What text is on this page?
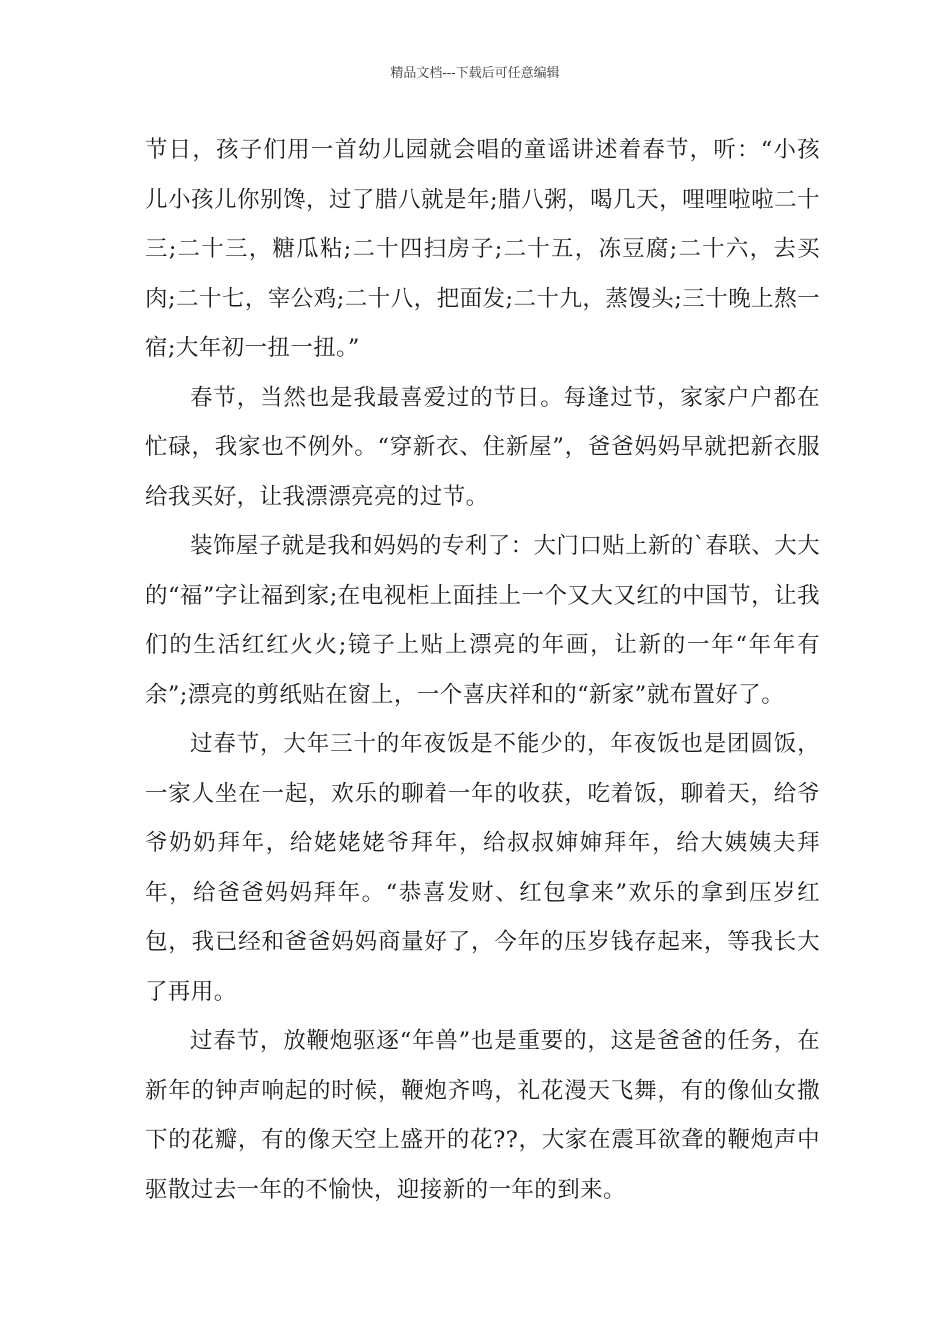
精品文档---下载后可任意编辑

节日，孩子们用一首幼儿园就会唱的童谣讲述着春节，听：“小孩儿小孩儿你别馋，过了腊八就是年;腊八粥，喝几天，哩哩啦啦二十三;二十三，糖瓜粘;二十四扫房子;二十五，冻豆腐;二十六，去买肉;二十七，宰公鸡;二十八，把面发;二十九，蒸馒头;三十晚上熬一宿;大年初一扭一扭。”

春节，当然也是我最喜爱过的节日。每逢过节，家家户户都在忙碌，我家也不例外。“穿新衣、住新屋”，爸爸妈妈早就把新衣服给我买好，让我漂漂亮亮的过节。

装饰屋子就是我和妈妈的专利了：大门口贴上新的`春联、大大的“福”字让福到家;在电视柜上面挂上一个又大又红的中国节，让我们的生活红红火火;镜子上贴上漂亮的年画，让新的一年“年年有余”;漂亮的剪纸贴在窗上，一个喜庆祥和的“新家”就布置好了。

过春节，大年三十的年夜饭是不能少的，年夜饭也是团圆饭，一家人坐在一起，欢乐的聊着一年的收获，吃着饭，聊着天，给爷爷奶奶拜年，给姥姥姥爷拜年，给叔叔婶婶拜年，给大姨姨夫拜年，给爸爸妈妈拜年。“恭喜发财、红包拿来”欢乐的拿到压岁红包，我已经和爸爸妈妈商量好了，今年的压岁钱存起来，等我长大了再用。

过春节，放鞭炮驱逐“年兽”也是重要的，这是爸爸的任务，在新年的钟声响起的时候，鞭炮齐鸣，礼花漫天飞舞，有的像仙女撒下的花瓣，有的像天空上盛开的花??，大家在震耳欲聋的鞭炮声中驱散过去一年的不愉快，迎接新的一年的到来。
